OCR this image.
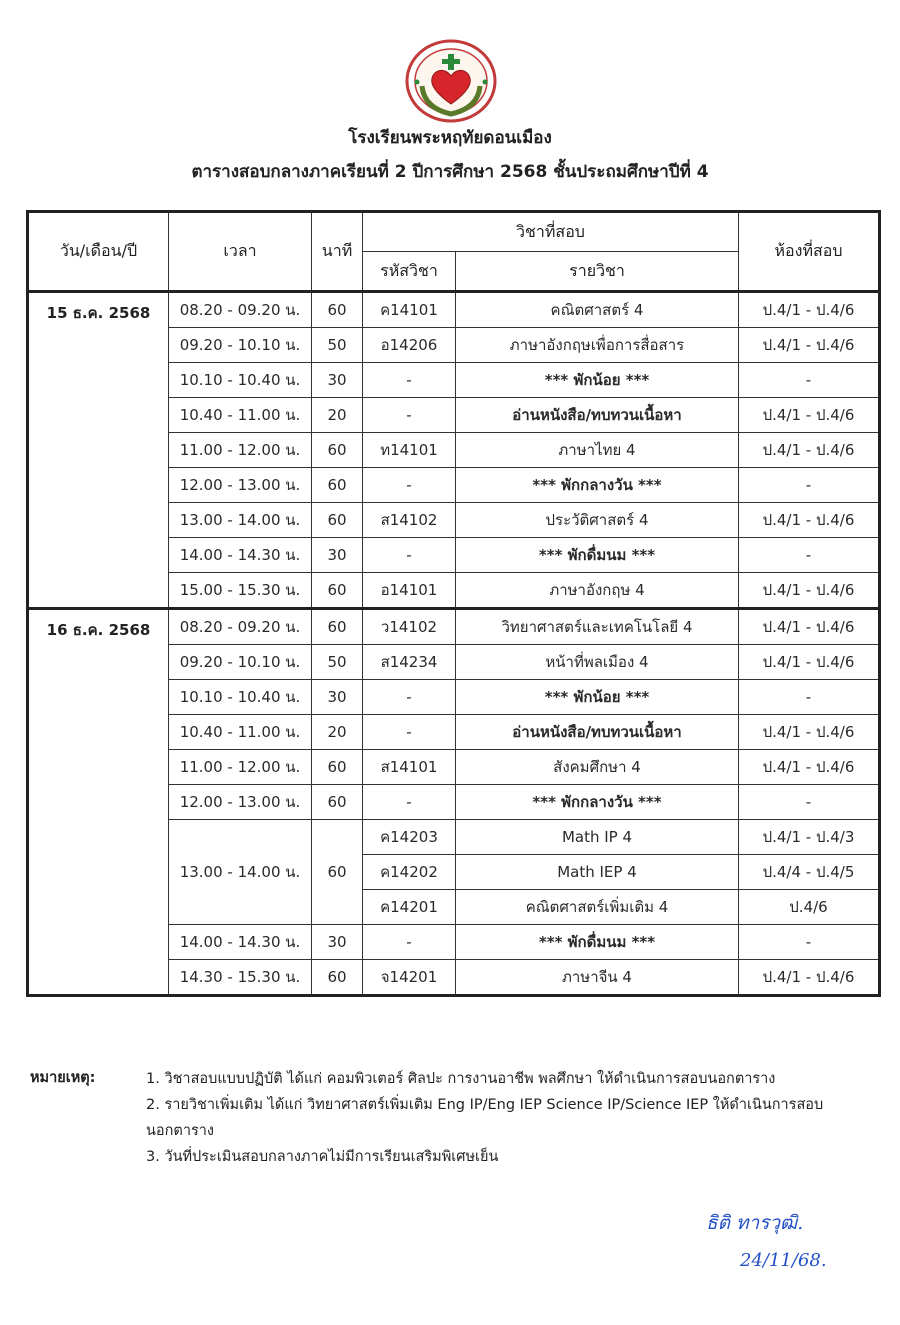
โรงเรียนพระหฤทัยดอนเมือง
ตารางสอบกลางภาคเรียนที่ 2 ปีการศึกษา 2568 ชั้นประถมศึกษาปีที่ 4
วัน/เดือน/ปี	เวลา	นาที	วิชาที่สอบ		ห้องที่สอบ
			รหัสวิชา	รายวิชา	
15 ธ.ค. 2568	08.20 - 09.20 น.	60	ค14101	คณิตศาสตร์ 4	ป.4/1 - ป.4/6
	09.20 - 10.10 น.	50	อ14206	ภาษาอังกฤษเพื่อการสื่อสาร	ป.4/1 - ป.4/6
	10.10 - 10.40 น.	30	-	*** พักน้อย ***	-
	10.40 - 11.00 น.	20	-	อ่านหนังสือ/ทบทวนเนื้อหา	ป.4/1 - ป.4/6
	11.00 - 12.00 น.	60	ท14101	ภาษาไทย 4	ป.4/1 - ป.4/6
	12.00 - 13.00 น.	60	-	*** พักกลางวัน ***	-
	13.00 - 14.00 น.	60	ส14102	ประวัติศาสตร์ 4	ป.4/1 - ป.4/6
	14.00 - 14.30 น.	30	-	*** พักดื่มนม ***	-
	15.00 - 15.30 น.	60	อ14101	ภาษาอังกฤษ 4	ป.4/1 - ป.4/6
16 ธ.ค. 2568	08.20 - 09.20 น.	60	ว14102	วิทยาศาสตร์และเทคโนโลยี 4	ป.4/1 - ป.4/6
	09.20 - 10.10 น.	50	ส14234	หน้าที่พลเมือง 4	ป.4/1 - ป.4/6
	10.10 - 10.40 น.	30	-	*** พักน้อย ***	-
	10.40 - 11.00 น.	20	-	อ่านหนังสือ/ทบทวนเนื้อหา	ป.4/1 - ป.4/6
	11.00 - 12.00 น.	60	ส14101	สังคมศึกษา 4	ป.4/1 - ป.4/6
	12.00 - 13.00 น.	60	-	*** พักกลางวัน ***	-
	13.00 - 14.00 น.	60	ค14203	Math IP 4	ป.4/1 - ป.4/3
			ค14202	Math IEP 4	ป.4/4 - ป.4/5
			ค14201	คณิตศาสตร์เพิ่มเติม 4	ป.4/6
	14.00 - 14.30 น.	30	-	*** พักดื่มนม ***	-
	14.30 - 15.30 น.	60	จ14201	ภาษาจีน 4	ป.4/1 - ป.4/6
หมายเหตุ:	1. วิชาสอบแบบปฏิบัติ ได้แก่ คอมพิวเตอร์ ศิลปะ การงานอาชีพ พลศึกษา ให้ดำเนินการสอบนอกตาราง
2. รายวิชาเพิ่มเติม ได้แก่ วิทยาศาสตร์เพิ่มเติม Eng IP/Eng IEP Science IP/Science IEP ให้ดำเนินการสอบ
นอกตาราง
3. วันที่ประเมินสอบกลางภาคไม่มีการเรียนเสริมพิเศษเย็น
ธิติ ทารวุฒิ.
24/11/68.
